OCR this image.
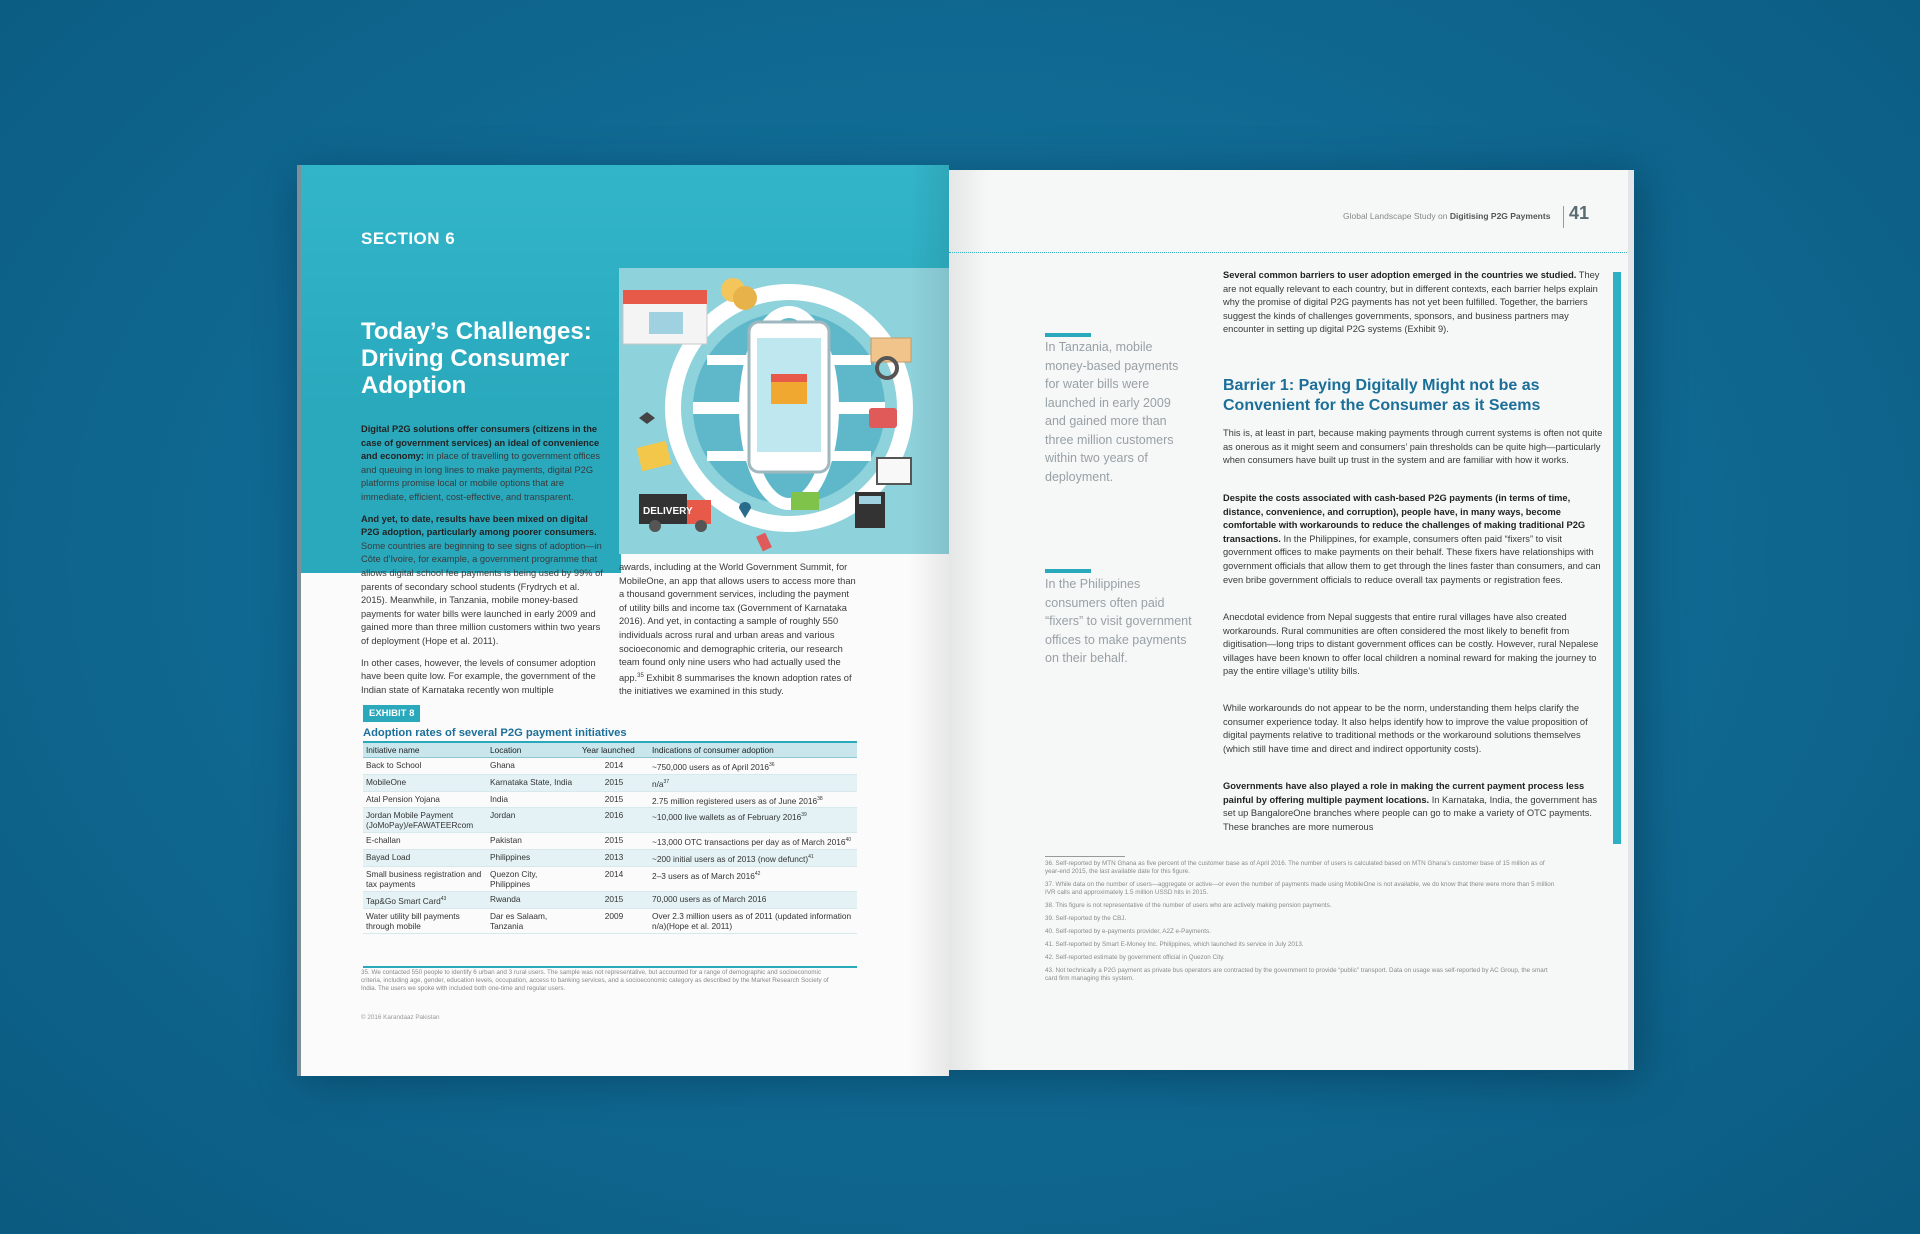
SECTION 6
Today’s Challenges:
Driving Consumer
Adoption
DELIVERY

Digital P2G solutions offer consumers (citizens in the case of government services) an ideal of convenience and economy: in place of travelling to government offices and queuing in long lines to make payments, digital P2G platforms promise local or mobile options that are immediate, efficient, cost-effective, and transparent.

And yet, to date, results have been mixed on digital P2G adoption, particularly among poorer consumers. Some countries are beginning to see signs of adoption—in Côte d’Ivoire, for example, a government programme that allows digital school fee payments is being used by 99% of parents of secondary school students (Frydrych et al. 2015). Meanwhile, in Tanzania, mobile money-based payments for water bills were launched in early 2009 and gained more than three million customers within two years of deployment (Hope et al. 2011).

In other cases, however, the levels of consumer adoption have been quite low. For example, the government of the Indian state of Karnataka recently won multiple

awards, including at the World Government Summit, for MobileOne, an app that allows users to access more than a thousand government services, including the payment of utility bills and income tax (Government of Karnataka 2016). And yet, in contacting a sample of roughly 550 individuals across rural and urban areas and various socioeconomic and demographic criteria, our research team found only nine users who had actually used the app.$^{35}$ Exhibit 8 summarises the known adoption rates of the initiatives we examined in this study.

EXHIBIT 8
Adoption rates of several P2G payment initiatives
Initiative name	Location	Year launched	Indications of consumer adoption
Back to School	Ghana	2014	~750,000 users as of April 2016$^{36}$
MobileOne	Karnataka State, India	2015	$n/a^{37}$
Atal Pension Yojana	India	2015	2.75 million registered users as of June 2016$^{38}$
Jordan Mobile Payment (JoMoPay)/eFAWATEERcom	Jordan	2016	~10,000 live wallets as of February 2016$^{39}$
E-challan	Pakistan	2015	~13,000 OTC transactions per day as of March 2016$^{40}$
Bayad Load	Philippines	2013	~200 initial users as of 2013 (now defunct)$^{41}$
Small business registration and tax payments	Quezon City, Philippines	2014	2–3 users as of March 2016$^{42}$
Tap&Go Smart Card$^{43}$	Rwanda	2015	70,000 users as of March 2016
Water utility bill payments through mobile	Dar es Salaam, Tanzania	2009	Over 2.3 million users as of 2011 (updated information n/a)(Hope et al. 2011)
35. We contacted 550 people to identify 6 urban and 3 rural users. The sample was not representative, but accounted for a range of demographic and socioeconomic criteria, including age, gender, education levels, occupation, access to banking services, and a socioeconomic category as described by the Market Research Society of India. The users we spoke with included both one-time and regular users.
© 2016 Karandaaz Pakistan
Global Landscape Study on Digitising P2G Payments 41
In Tanzania, mobile money-based payments for water bills were launched in early 2009 and gained more than three million customers within two years of deployment.
In the Philippines consumers often paid “fixers” to visit government offices to make payments on their behalf.

Several common barriers to user adoption emerged in the countries we studied. They are not equally relevant to each country, but in different contexts, each barrier helps explain why the promise of digital P2G payments has not yet been fulfilled. Together, the barriers suggest the kinds of challenges governments, sponsors, and business partners may encounter in setting up digital P2G systems (Exhibit 9).

Barrier 1: Paying Digitally Might not be as Convenient for the Consumer as it Seems

This is, at least in part, because making payments through current systems is often not quite as onerous as it might seem and consumers’ pain thresholds can be quite high—particularly when consumers have built up trust in the system and are familiar with how it works.

Despite the costs associated with cash-based P2G payments (in terms of time, distance, convenience, and corruption), people have, in many ways, become comfortable with workarounds to reduce the challenges of making traditional P2G transactions. In the Philippines, for example, consumers often paid “fixers” to visit government offices to make payments on their behalf. These fixers have relationships with government officials that allow them to get through the lines faster than consumers, and can even bribe government officials to reduce overall tax payments or registration fees.

Anecdotal evidence from Nepal suggests that entire rural villages have also created workarounds. Rural communities are often considered the most likely to benefit from digitisation—long trips to distant government offices can be costly. However, rural Nepalese villages have been known to offer local children a nominal reward for making the journey to pay the entire village’s utility bills.

While workarounds do not appear to be the norm, understanding them helps clarify the consumer experience today. It also helps identify how to improve the value proposition of digital payments relative to traditional methods or the workaround solutions themselves (which still have time and direct and indirect opportunity costs).

Governments have also played a role in making the current payment process less painful by offering multiple payment locations. In Karnataka, India, the government has set up BangaloreOne branches where people can go to make a variety of OTC payments. These branches are more numerous

36. Self-reported by MTN Ghana as five percent of the customer base as of April 2016. The number of users is calculated based on MTN Ghana’s customer base of 15 million as of year-end 2015, the last available date for this figure.
37. While data on the number of users—aggregate or active—or even the number of payments made using MobileOne is not available, we do know that there were more than 5 million IVR calls and approximately 1.5 million USSD hits in 2015.
38. This figure is not representative of the number of users who are actively making pension payments.
39. Self-reported by the CBJ.
40. Self-reported by e-payments provider, A2Z e-Payments.
41. Self-reported by Smart E-Money Inc. Philippines, which launched its service in July 2013.
42. Self-reported estimate by government official in Quezon City.
43. Not technically a P2G payment as private bus operators are contracted by the government to provide “public” transport. Data on usage was self-reported by AC Group, the smart card firm managing this system.
